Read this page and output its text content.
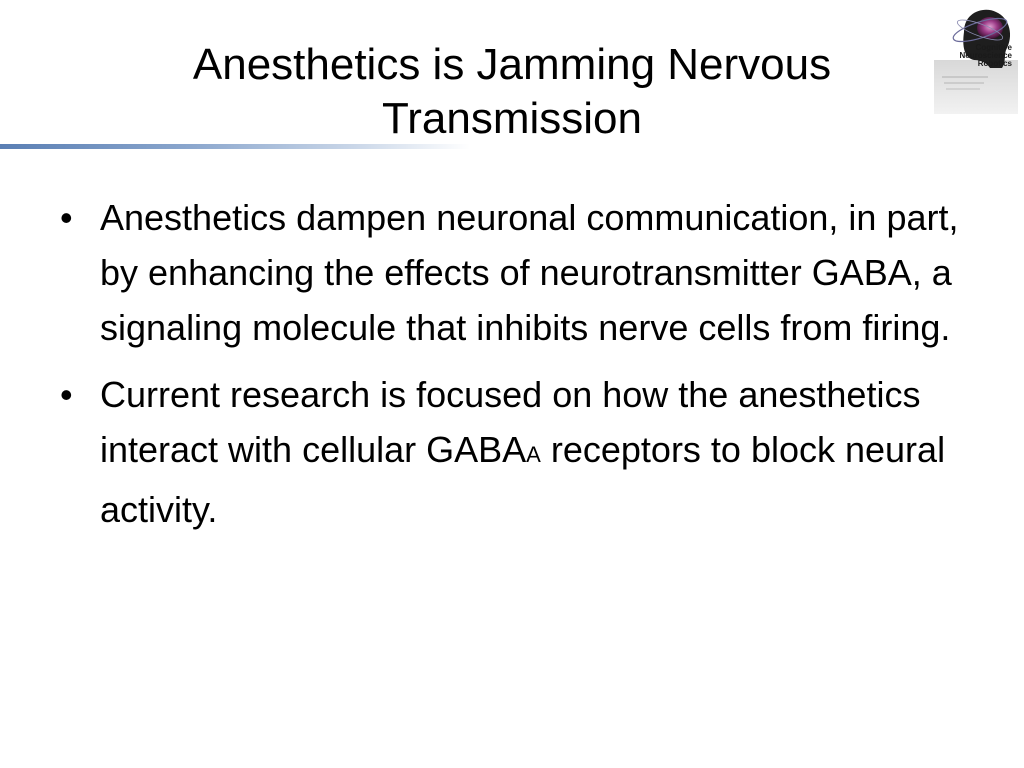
Cognitive
Neuroscience
Robotics
Anesthetics is Jamming Nervous Transmission
• Anesthetics dampen neuronal communication, in part, by enhancing the effects of neurotransmitter GABA, a signaling molecule that inhibits nerve cells from firing.
• Current research is focused on how the anesthetics interact with cellular GABAA receptors to block neural activity.
